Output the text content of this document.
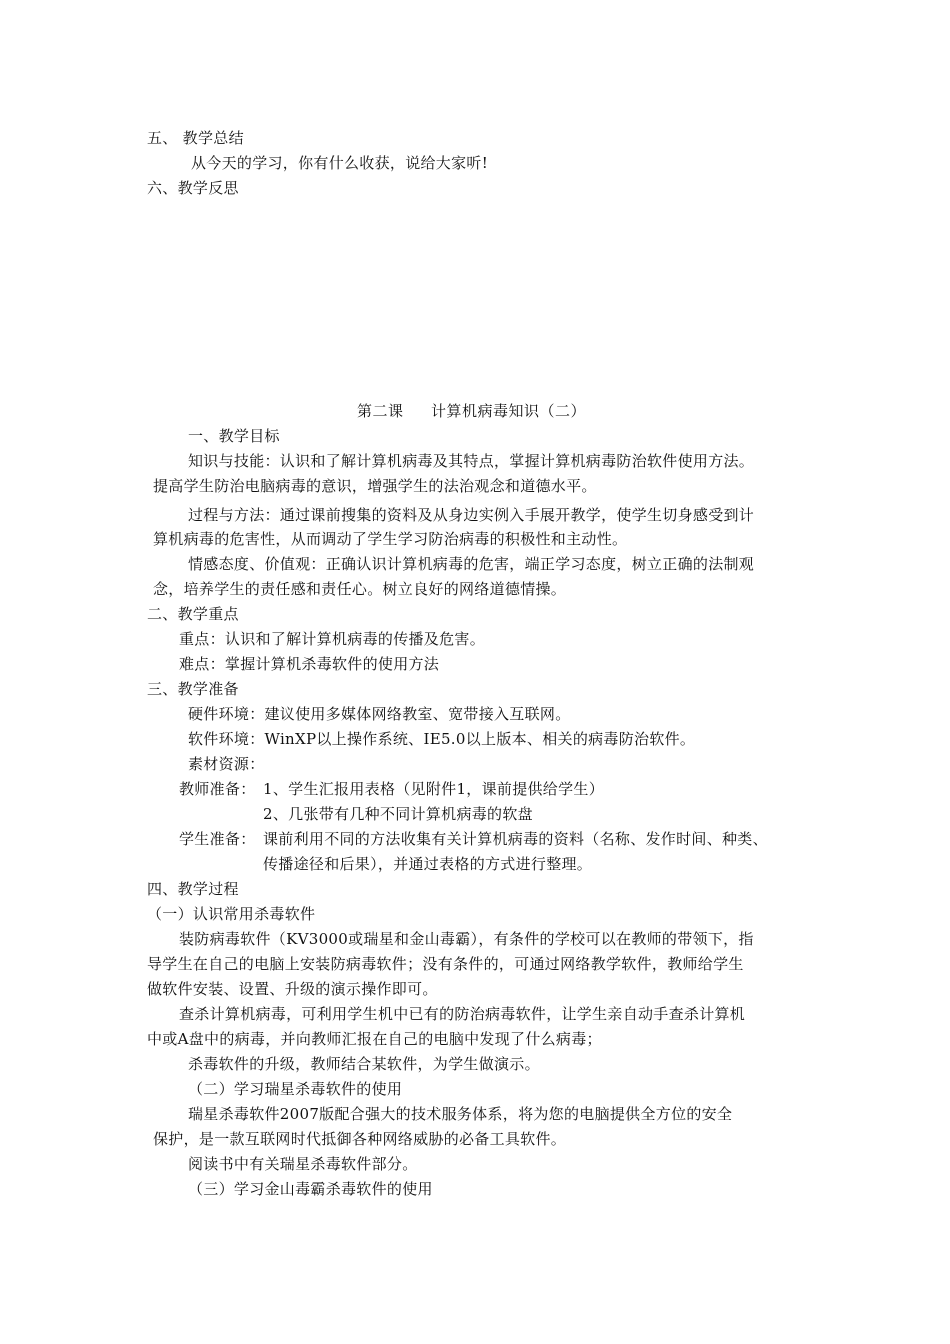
五、 教学总结
从今天的学习，你有什么收获，说给大家听!
六、教学反思
第二课 计算机病毒知识（二）
一、教学目标
知识与技能：认识和了解计算机病毒及其特点，掌握计算机病毒防治软件使用方法。
提高学生防治电脑病毒的意识，增强学生的法治观念和道德水平。
过程与方法：通过课前搜集的资料及从身边实例入手展开教学，使学生切身感受到计
算机病毒的危害性，从而调动了学生学习防治病毒的积极性和主动性。
情感态度、价值观：正确认识计算机病毒的危害，端正学习态度，树立正确的法制观
念，培养学生的责任感和责任心。树立良好的网络道德情操。
二、教学重点
重点：认识和了解计算机病毒的传播及危害。
难点：掌握计算机杀毒软件的使用方法
三、教学准备
硬件环境：建议使用多媒体网络教室、宽带接入互联网。
软件环境：WinXP以上操作系统、IE5.0以上版本、相关的病毒防治软件。
素材资源：
教师准备： 1、学生汇报用表格（见附件1，课前提供给学生）
2、几张带有几种不同计算机病毒的软盘
学生准备： 课前利用不同的方法收集有关计算机病毒的资料（名称、发作时间、种类、
传播途径和后果），并通过表格的方式进行整理。
四、教学过程
（一）认识常用杀毒软件
装防病毒软件（KV3000或瑞星和金山毒霸），有条件的学校可以在教师的带领下，指
导学生在自己的电脑上安装防病毒软件；没有条件的，可通过网络教学软件，教师给学生
做软件安装、设置、升级的演示操作即可。
查杀计算机病毒，可利用学生机中已有的防治病毒软件，让学生亲自动手查杀计算机
中或A盘中的病毒，并向教师汇报在自己的电脑中发现了什么病毒；
杀毒软件的升级，教师结合某软件，为学生做演示。
（二）学习瑞星杀毒软件的使用
瑞星杀毒软件2007版配合强大的技术服务体系，将为您的电脑提供全方位的安全
保护，是一款互联网时代抵御各种网络威胁的必备工具软件。
阅读书中有关瑞星杀毒软件部分。
（三）学习金山毒霸杀毒软件的使用
